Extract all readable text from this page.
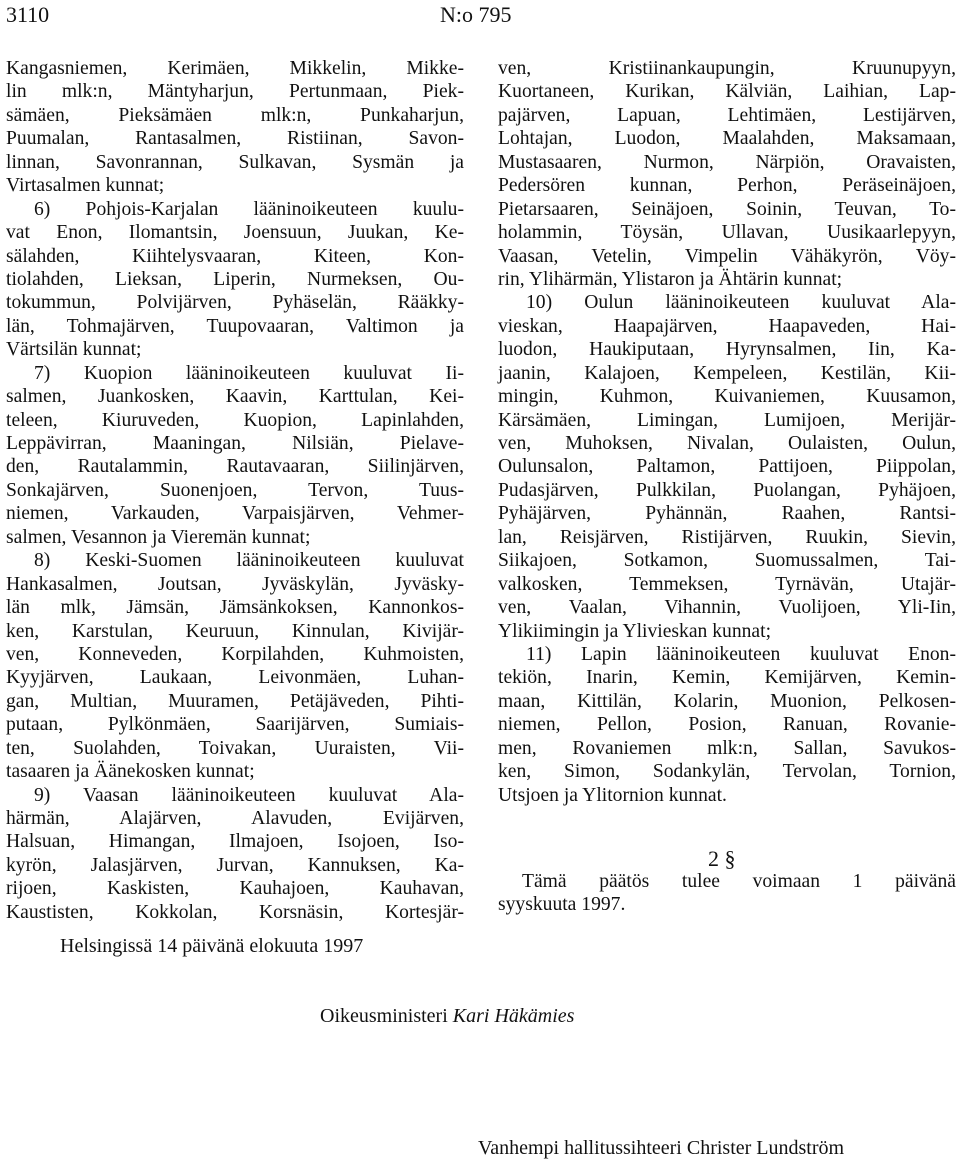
3110	N:o 795
Kangasniemen, Kerimäen, Mikkelin, Mikke-
lin mlk:n, Mäntyharjun, Pertunmaan, Piek-
sämäen, Pieksämäen mlk:n, Punkaharjun,
Puumalan, Rantasalmen, Ristiinan, Savon-
linnan, Savonrannan, Sulkavan, Sysmän ja
Virtasalmen kunnat;
6) Pohjois-Karjalan lääninoikeuteen kuulu-
vat Enon, Ilomantsin, Joensuun, Juukan, Ke-
sälahden, Kiihtelysvaaran, Kiteen, Kon-
tiolahden, Lieksan, Liperin, Nurmeksen, Ou-
tokummun, Polvijärven, Pyhäselän, Rääkky-
län, Tohmajärven, Tuupovaaran, Valtimon ja
Värtsilän kunnat;
7) Kuopion lääninoikeuteen kuuluvat Ii-
salmen, Juankosken, Kaavin, Karttulan, Kei-
teleen, Kiuruveden, Kuopion, Lapinlahden,
Leppävirran, Maaningan, Nilsiän, Pielave-
den, Rautalammin, Rautavaaran, Siilinjärven,
Sonkajärven, Suonenjoen, Tervon, Tuus-
niemen, Varkauden, Varpaisjärven, Vehmer-
salmen, Vesannon ja Vieremän kunnat;
8) Keski-Suomen lääninoikeuteen kuuluvat
Hankasalmen, Joutsan, Jyväskylän, Jyväsky-
län mlk, Jämsän, Jämsänkoksen, Kannonkos-
ken, Karstulan, Keuruun, Kinnulan, Kivijär-
ven, Konneveden, Korpilahden, Kuhmoisten,
Kyyjärven, Laukaan, Leivonmäen, Luhan-
gan, Multian, Muuramen, Petäjäveden, Pihti-
putaan, Pylkönmäen, Saarijärven, Sumiais-
ten, Suolahden, Toivakan, Uuraisten, Vii-
tasaaren ja Äänekosken kunnat;
9) Vaasan lääninoikeuteen kuuluvat Ala-
härmän, Alajärven, Alavuden, Evijärven,
Halsuan, Himangan, Ilmajoen, Isojoen, Iso-
kyrön, Jalasjärven, Jurvan, Kannuksen, Ka-
rijoen, Kaskisten, Kauhajoen, Kauhavan,
Kaustisten, Kokkolan, Korsnäsin, Kortesjär-
ven, Kristiinankaupungin, Kruunupyyn,
Kuortaneen, Kurikan, Kälviän, Laihian, Lap-
pajärven, Lapuan, Lehtimäen, Lestijärven,
Lohtajan, Luodon, Maalahden, Maksamaan,
Mustasaaren, Nurmon, Närpiön, Oravaisten,
Pedersören kunnan, Perhon, Peräseinäjoen,
Pietarsaaren, Seinäjoen, Soinin, Teuvan, To-
holammin, Töysän, Ullavan, Uusikaarlepyyn,
Vaasan, Vetelin, Vimpelin Vähäkyrön, Vöy-
rin, Ylihärmän, Ylistaron ja Ähtärin kunnat;
10) Oulun lääninoikeuteen kuuluvat Ala-
vieskan, Haapajärven, Haapaveden, Hai-
luodon, Haukiputaan, Hyrynsalmen, Iin, Ka-
jaanin, Kalajoen, Kempeleen, Kestilän, Kii-
mingin, Kuhmon, Kuivaniemen, Kuusamon,
Kärsämäen, Limingan, Lumijoen, Merijär-
ven, Muhoksen, Nivalan, Oulaisten, Oulun,
Oulunsalon, Paltamon, Pattijoen, Piippolan,
Pudasjärven, Pulkkilan, Puolangan, Pyhäjoen,
Pyhäjärven, Pyhännän, Raahen, Rantsi-
lan, Reisjärven, Ristijärven, Ruukin, Sievin,
Siikajoen, Sotkamon, Suomussalmen, Tai-
valkosken, Temmeksen, Tyrnävän, Utajär-
ven, Vaalan, Vihannin, Vuolijoen, Yli-Iin,
Ylikiimingin ja Ylivieskan kunnat;
11) Lapin lääninoikeuteen kuuluvat Enon-
tekiön, Inarin, Kemin, Kemijärven, Kemin-
maan, Kittilän, Kolarin, Muonion, Pelkosen-
niemen, Pellon, Posion, Ranuan, Rovanie-
men, Rovaniemen mlk:n, Sallan, Savukos-
ken, Simon, Sodankylän, Tervolan, Tornion,
Utsjoen ja Ylitornion kunnat.
2 §
Tämä päätös tulee voimaan 1 päivänä
syyskuuta 1997.
Helsingissä 14 päivänä elokuuta 1997
Oikeusministeri Kari Häkämies
Vanhempi hallitussihteeri Christer Lundström
